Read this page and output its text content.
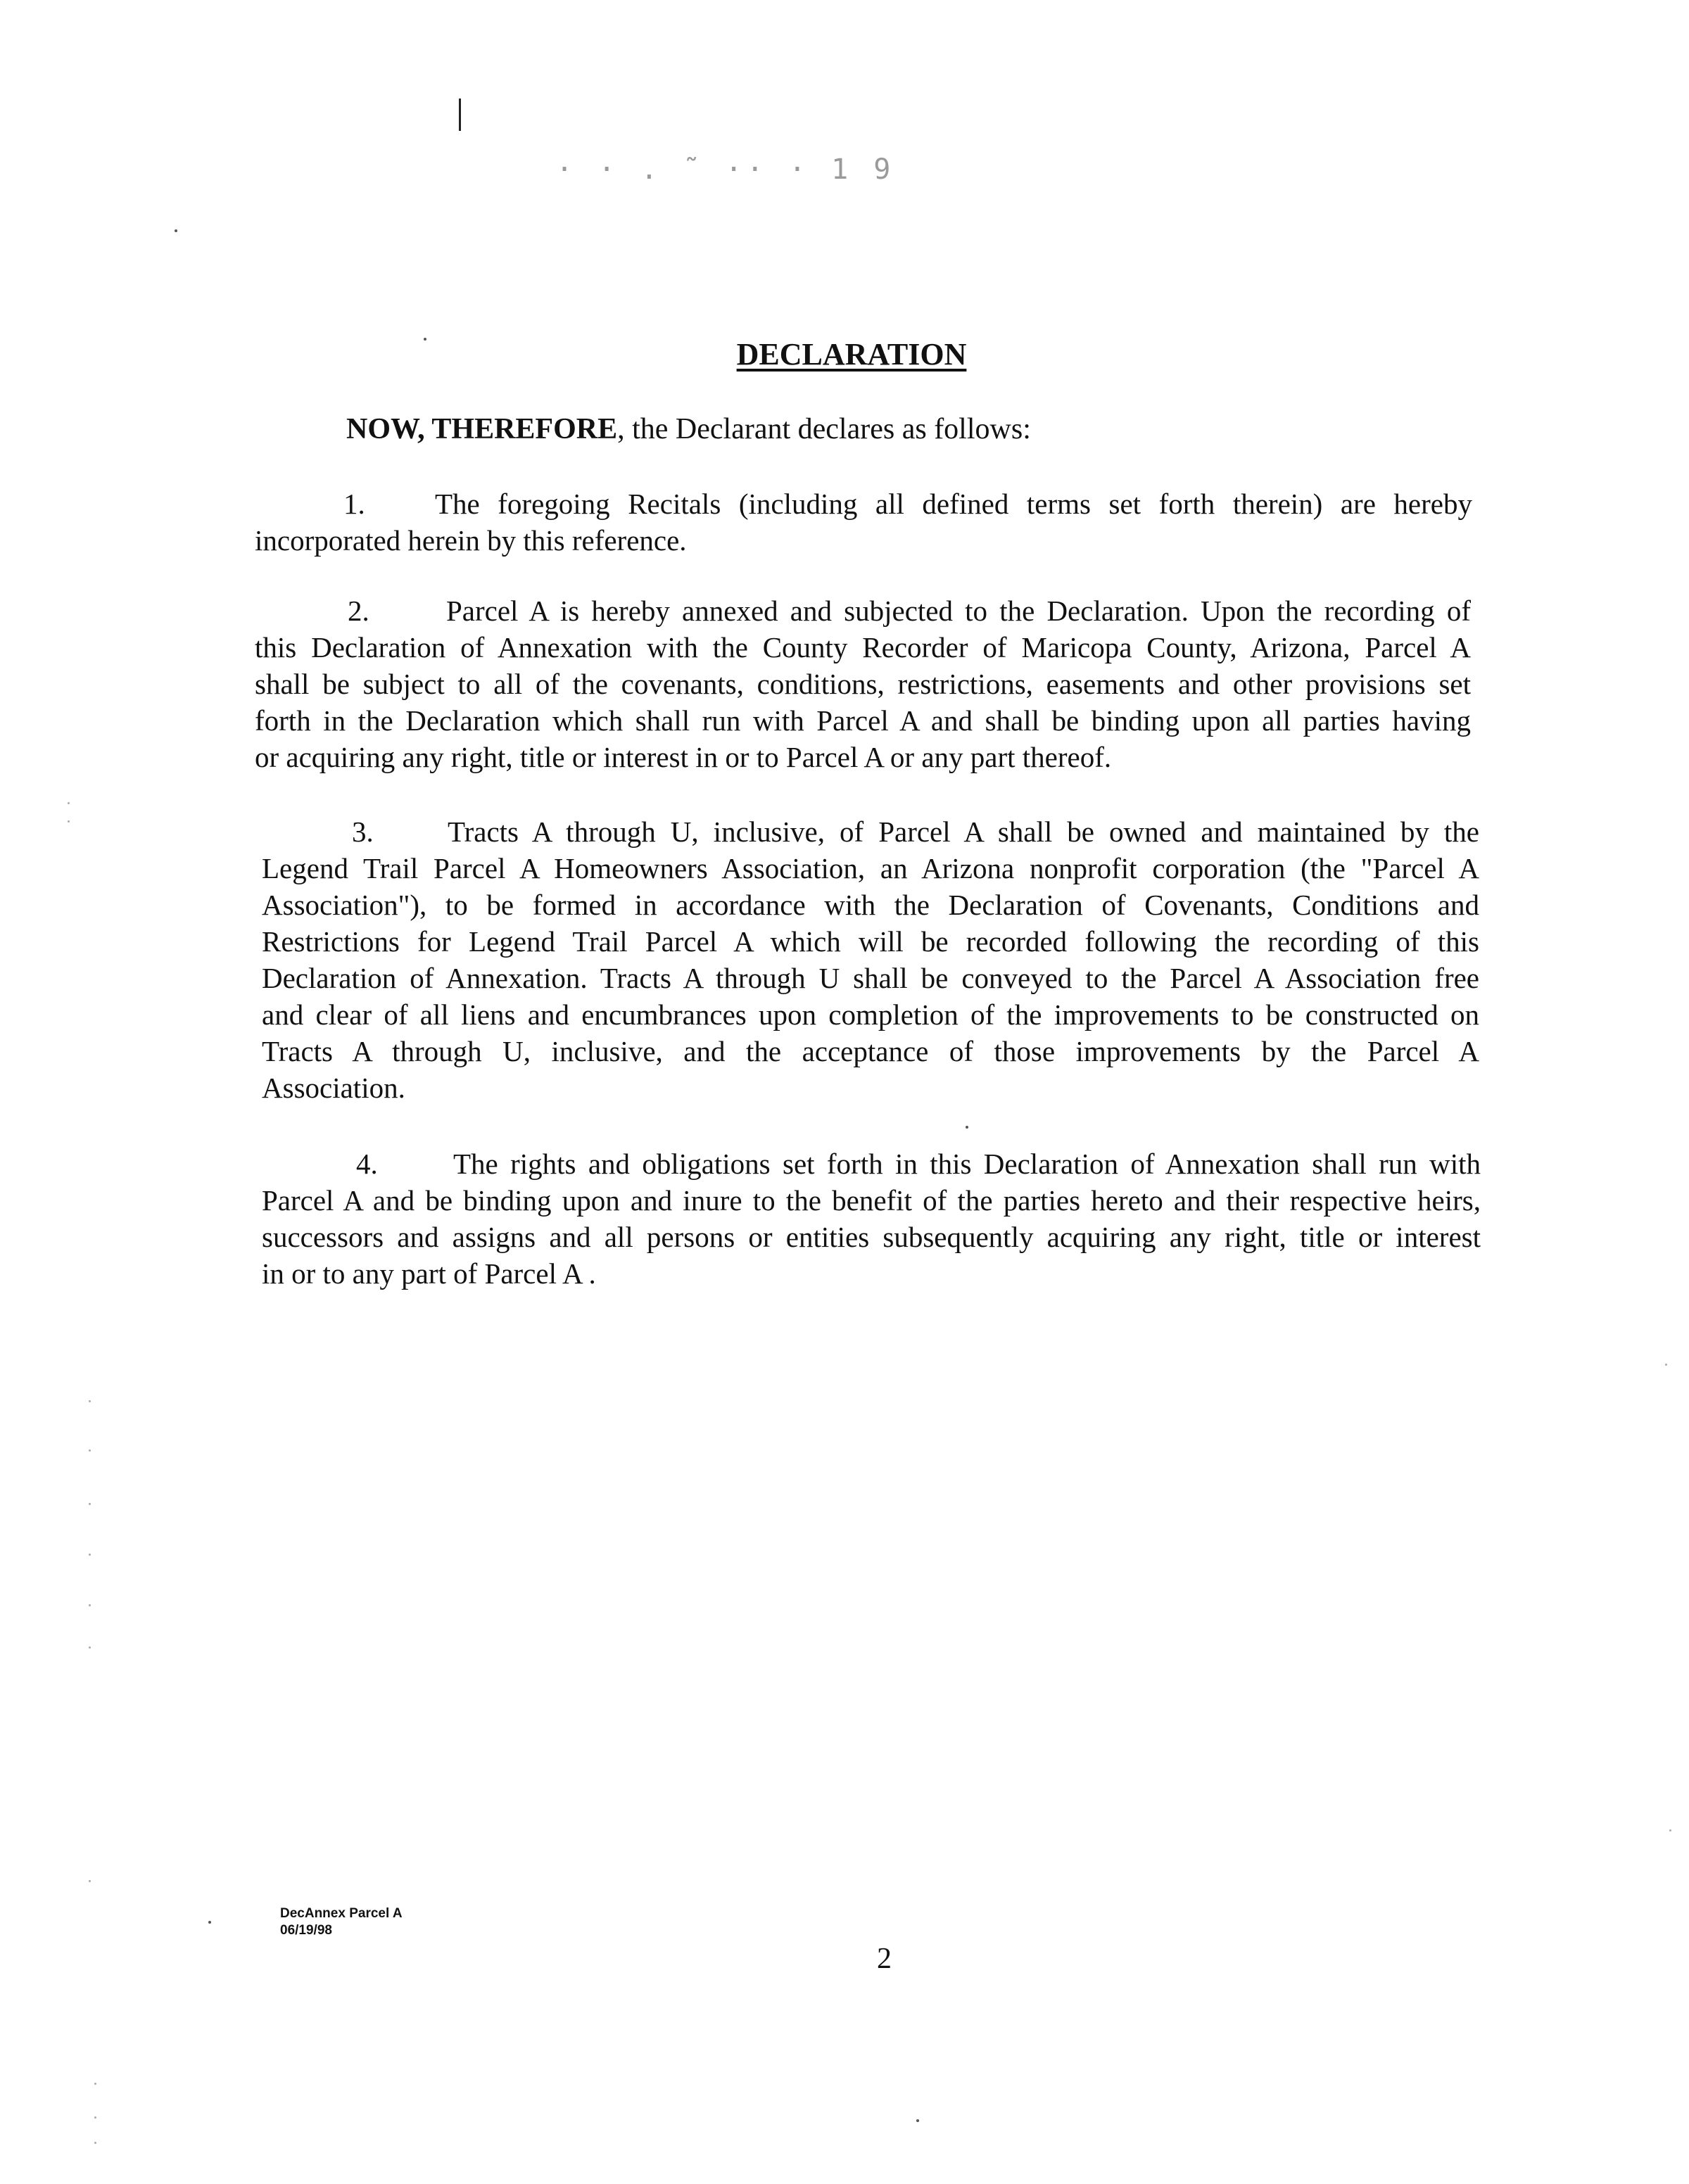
· · . ˜ ·· · 1 9
DECLARATION
NOW, THEREFORE, the Declarant declares as follows:
1. The foregoing Recitals (including all defined terms set forth therein) are hereby
incorporated herein by this reference.
2.	Parcel A is hereby annexed and subjected to the Declaration. Upon the recording of
this Declaration of Annexation with the County Recorder of Maricopa County, Arizona, Parcel A
shall be subject to all of the covenants, conditions, restrictions, easements and other provisions set
forth in the Declaration which shall run with Parcel A and shall be binding upon all parties having
or acquiring any right, title or interest in or to Parcel A or any part thereof.
3.	Tracts A through U, inclusive, of Parcel A shall be owned and maintained by the
Legend Trail Parcel A Homeowners Association, an Arizona nonprofit corporation (the "Parcel A
Association"), to be formed in accordance with the Declaration of Covenants, Conditions and
Restrictions for Legend Trail Parcel A which will be recorded following the recording of this
Declaration of Annexation. Tracts A through U shall be conveyed to the Parcel A Association free
and clear of all liens and encumbrances upon completion of the improvements to be constructed on
Tracts A through U, inclusive, and the acceptance of those improvements by the Parcel A
Association.
4.	The rights and obligations set forth in this Declaration of Annexation shall run with
Parcel A and be binding upon and inure to the benefit of the parties hereto and their respective heirs,
successors and assigns and all persons or entities subsequently acquiring any right, title or interest
in or to any part of Parcel A .
DecAnnex Parcel A
06/19/98
2
